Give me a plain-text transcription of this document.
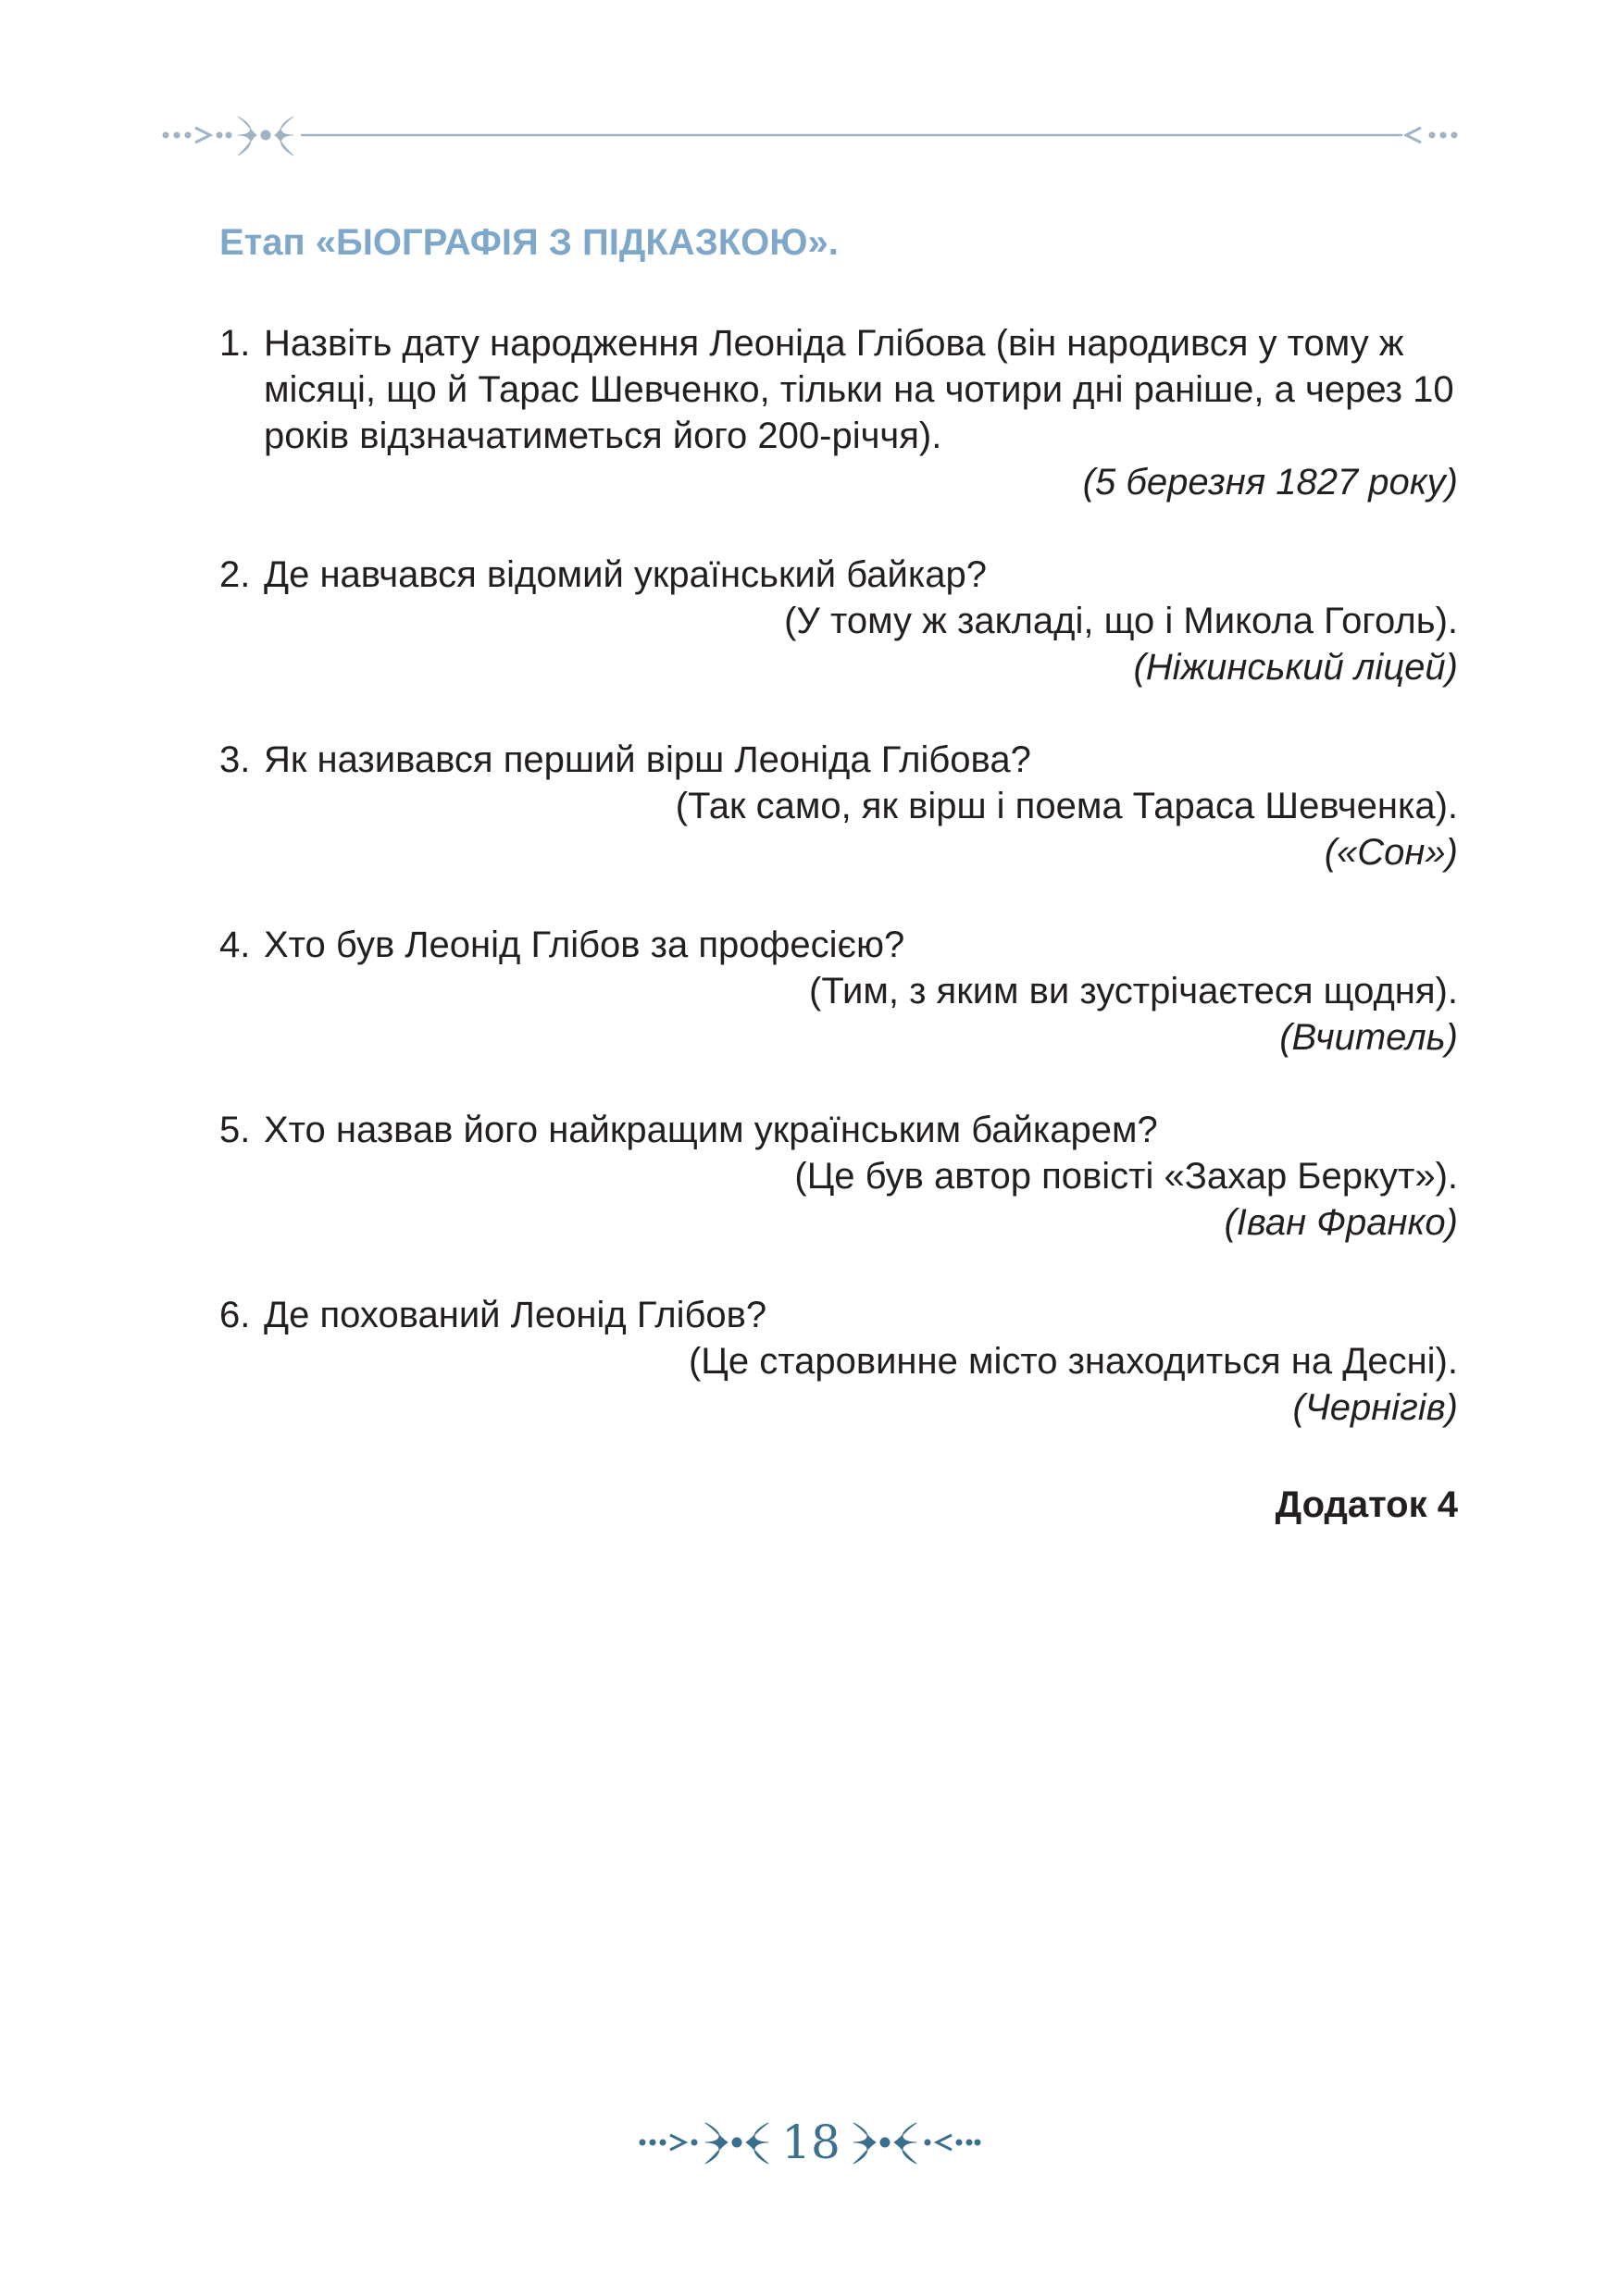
Етап «БІОГРАФІЯ З ПІДКАЗКОЮ».
1. Назвіть дату народження Леоніда Глібова (він народився у тому ж місяці, що й Тарас Шевченко, тільки на чотири дні раніше, а через 10 років відзначатиметься його 200-річчя).
(5 березня 1827 року)
2. Де навчався відомий український байкар?
(У тому ж закладі, що і Микола Гоголь).
(Ніжинський ліцей)
3. Як називався перший вірш Леоніда Глібова?
(Так само, як вірш і поема Тараса Шевченка).
(«Сон»)
4. Хто був Леонід Глібов за професією?
(Тим, з яким ви зустрічаєтеся щодня).
(Вчитель)
5. Хто назвав його найкращим українським байкарем?
(Це був автор повісті «Захар Беркут»).
(Іван Франко)
6. Де похований Леонід Глібов?
(Це старовинне місто знаходиться на Десні).
(Чернігів)
Додаток 4
18
